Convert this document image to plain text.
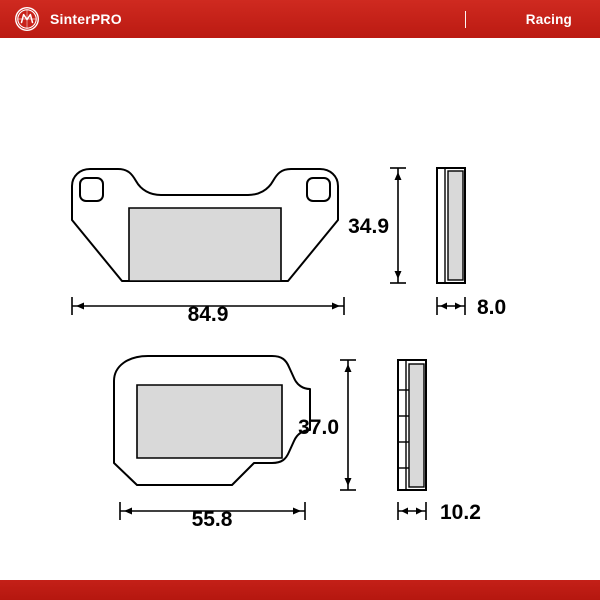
SinterPRO	Racing
34.9
84.9	8.0
37.0
55.8	10.2
